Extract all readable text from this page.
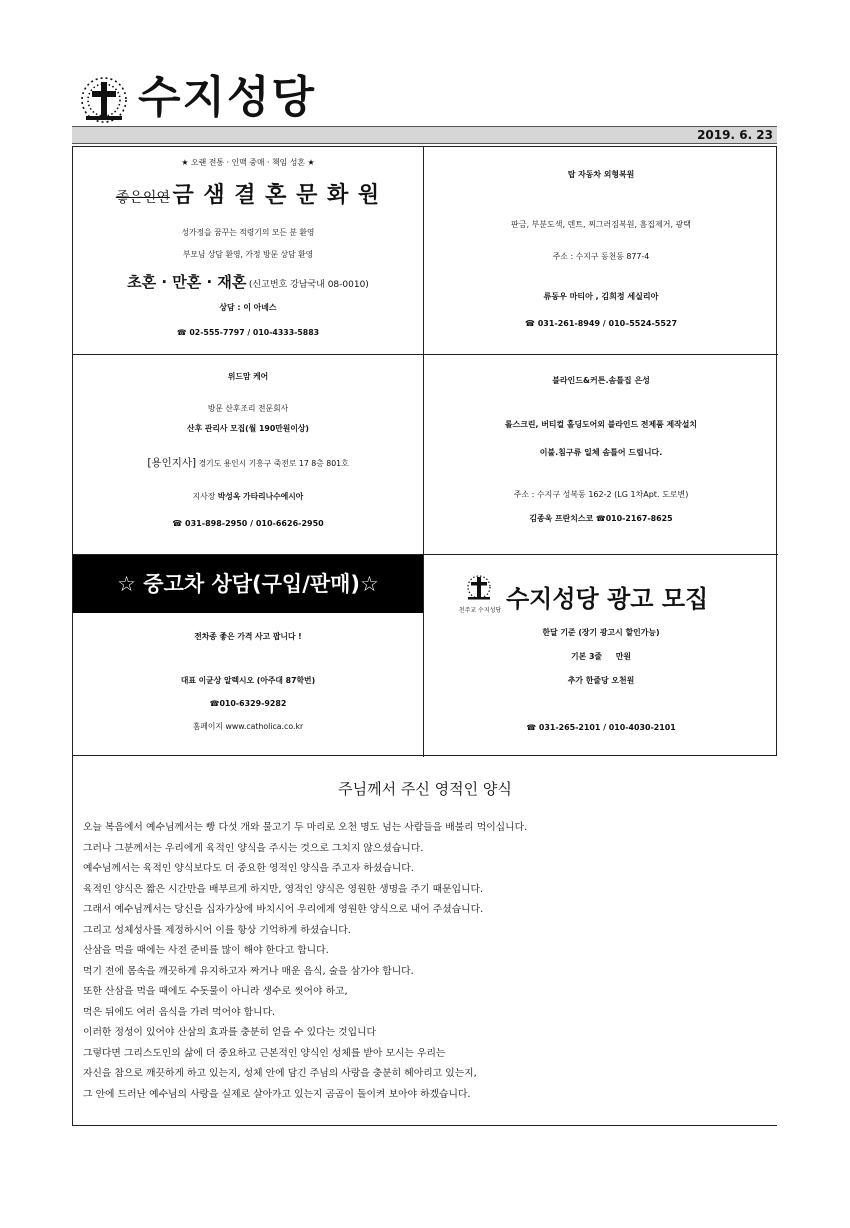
수지성당
2019. 6. 23
★ 오랜 전통 · 인맥 중매 · 책임 성혼 ★
좋은인연 금 샘 결 혼 문 화 원
성가정을 꿈꾸는 적령기의 모든 분 환영
부모님 상담 환영, 가정 방문 상담 환영
초혼 · 만혼 · 재혼 (신고번호 강남국내 08-0010)
상담 : 이 아녜스
☎ 02-555-7797 / 010-4333-5883
탑 자동차 외형복원
판금, 부분도색, 덴트, 찌그러짐복원, 흠집제거, 광택
주소 : 수지구 동천동 877-4
류동우 마티아 , 김희정 세실리아
☎ 031-261-8949 / 010–5524-5527
위드맘 케어
방문 산후조리 전문회사
산후 관리사 모집(월 190만원이상)
[용인지사] 경기도 용인시 기흥구 죽전로 17 8층 801호
지사장 박성옥 가타리나수에시아
☎ 031-898-2950 / 010-6626-2950
블라인드&커튼.솜틀집 은성
롤스크린, 버티컬 홀딩도어외 블라인드 전제품 제작설치
이불.침구류 일체 솜틀어 드립니다.
주소 : 수지구 성복동 162-2 (LG 1차Apt. 도로변)
김종욱 프란치스코 ☎010-2167-8625
☆ 중고차 상담(구입/판매)☆
전차종 좋은 가격 사고 팝니다 !
대표 이균상 알렉시오 (아주대 87학번)
☎010-6329-9282
홈페이지 www.catholica.co.kr
천주교 수지성당 수지성당 광고 모집
한달 기준 (장기 광고시 할인가능)
기본 3줄     만원
추가 한줄당 오천원
☎ 031-265-2101 / 010-4030-2101
주님께서 주신 영적인 양식
오늘 복음에서 예수님께서는 빵 다섯 개와 물고기 두 마리로 오천 명도 넘는 사람들을 배불리 먹이십니다.
그러나 그분께서는 우리에게 육적인 양식을 주시는 것으로 그치지 않으셨습니다.
예수님께서는 육적인 양식보다도 더 중요한 영적인 양식을 주고자 하셨습니다.
육적인 양식은 짧은 시간만을 배부르게 하지만, 영적인 양식은 영원한 생명을 주기 때문입니다.
그래서 예수님께서는 당신을 십자가상에 바치시어 우리에게 영원한 양식으로 내어 주셨습니다.
그리고 성체성사를 제정하시어 이를 항상 기억하게 하셨습니다.
산삼을 먹을 때에는 사전 준비를 많이 해야 한다고 합니다.
먹기 전에 몸속을 깨끗하게 유지하고자 짜거나 매운 음식, 술을 삼가야 합니다.
또한 산삼을 먹을 때에도 수돗물이 아니라 생수로 씻어야 하고,
먹은 뒤에도 여러 음식을 가려 먹어야 합니다.
이러한 정성이 있어야 산삼의 효과를 충분히 얻을 수 있다는 것입니다
그렇다면 그리스도인의 삶에 더 중요하고 근본적인 양식인 성체를 받아 모시는 우리는
자신을 참으로 깨끗하게 하고 있는지, 성체 안에 담긴 주님의 사랑을 충분히 헤아리고 있는지,
그 안에 드러난 예수님의 사랑을 실제로 살아가고 있는지 곰곰이 돌이켜 보아야 하겠습니다.
